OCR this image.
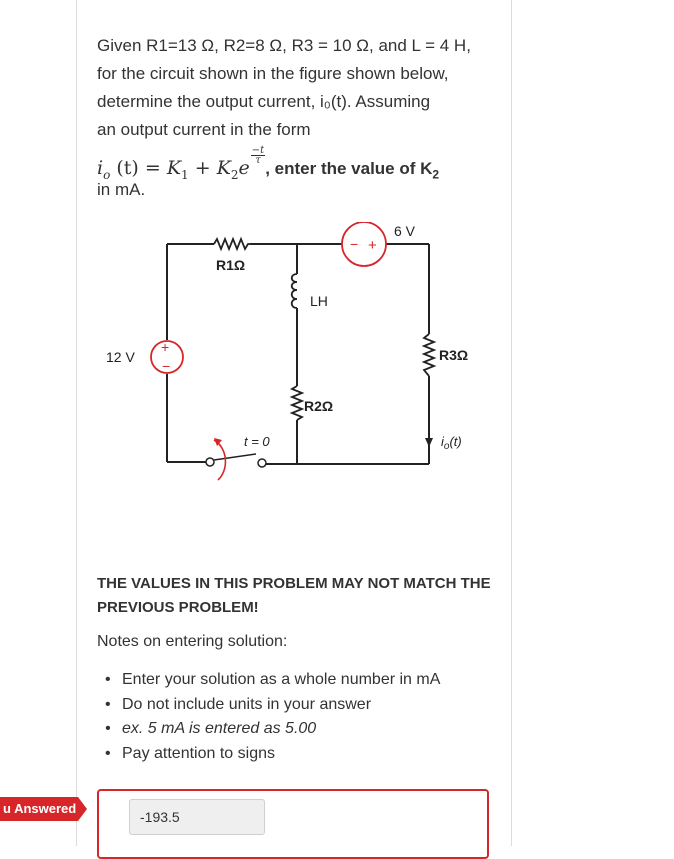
Given R1=13 Ω, R2=8 Ω, R3 = 10 Ω, and L = 4 H,
for the circuit shown in the figure shown below,
determine the output current, i₀(t). Assuming
an output current in the form
$i_o$ $(t) = K_1 + K_2e$
$\frac{-t}{\tau}$
, enter the value of $K_2$
in mA.
R1Ω
LH
R2Ω
R3Ω
+
−
12 V
− +
6 V
t = 0	$i_o(t)$
THE VALUES IN THIS PROBLEM MAY NOT MATCH THE PREVIOUS PROBLEM!
Notes on entering solution:
• Enter your solution as a whole number in mA
• Do not include units in your answer
• ex. 5 mA is entered as 5.00
• Pay attention to signs
u Answered
-193.5
